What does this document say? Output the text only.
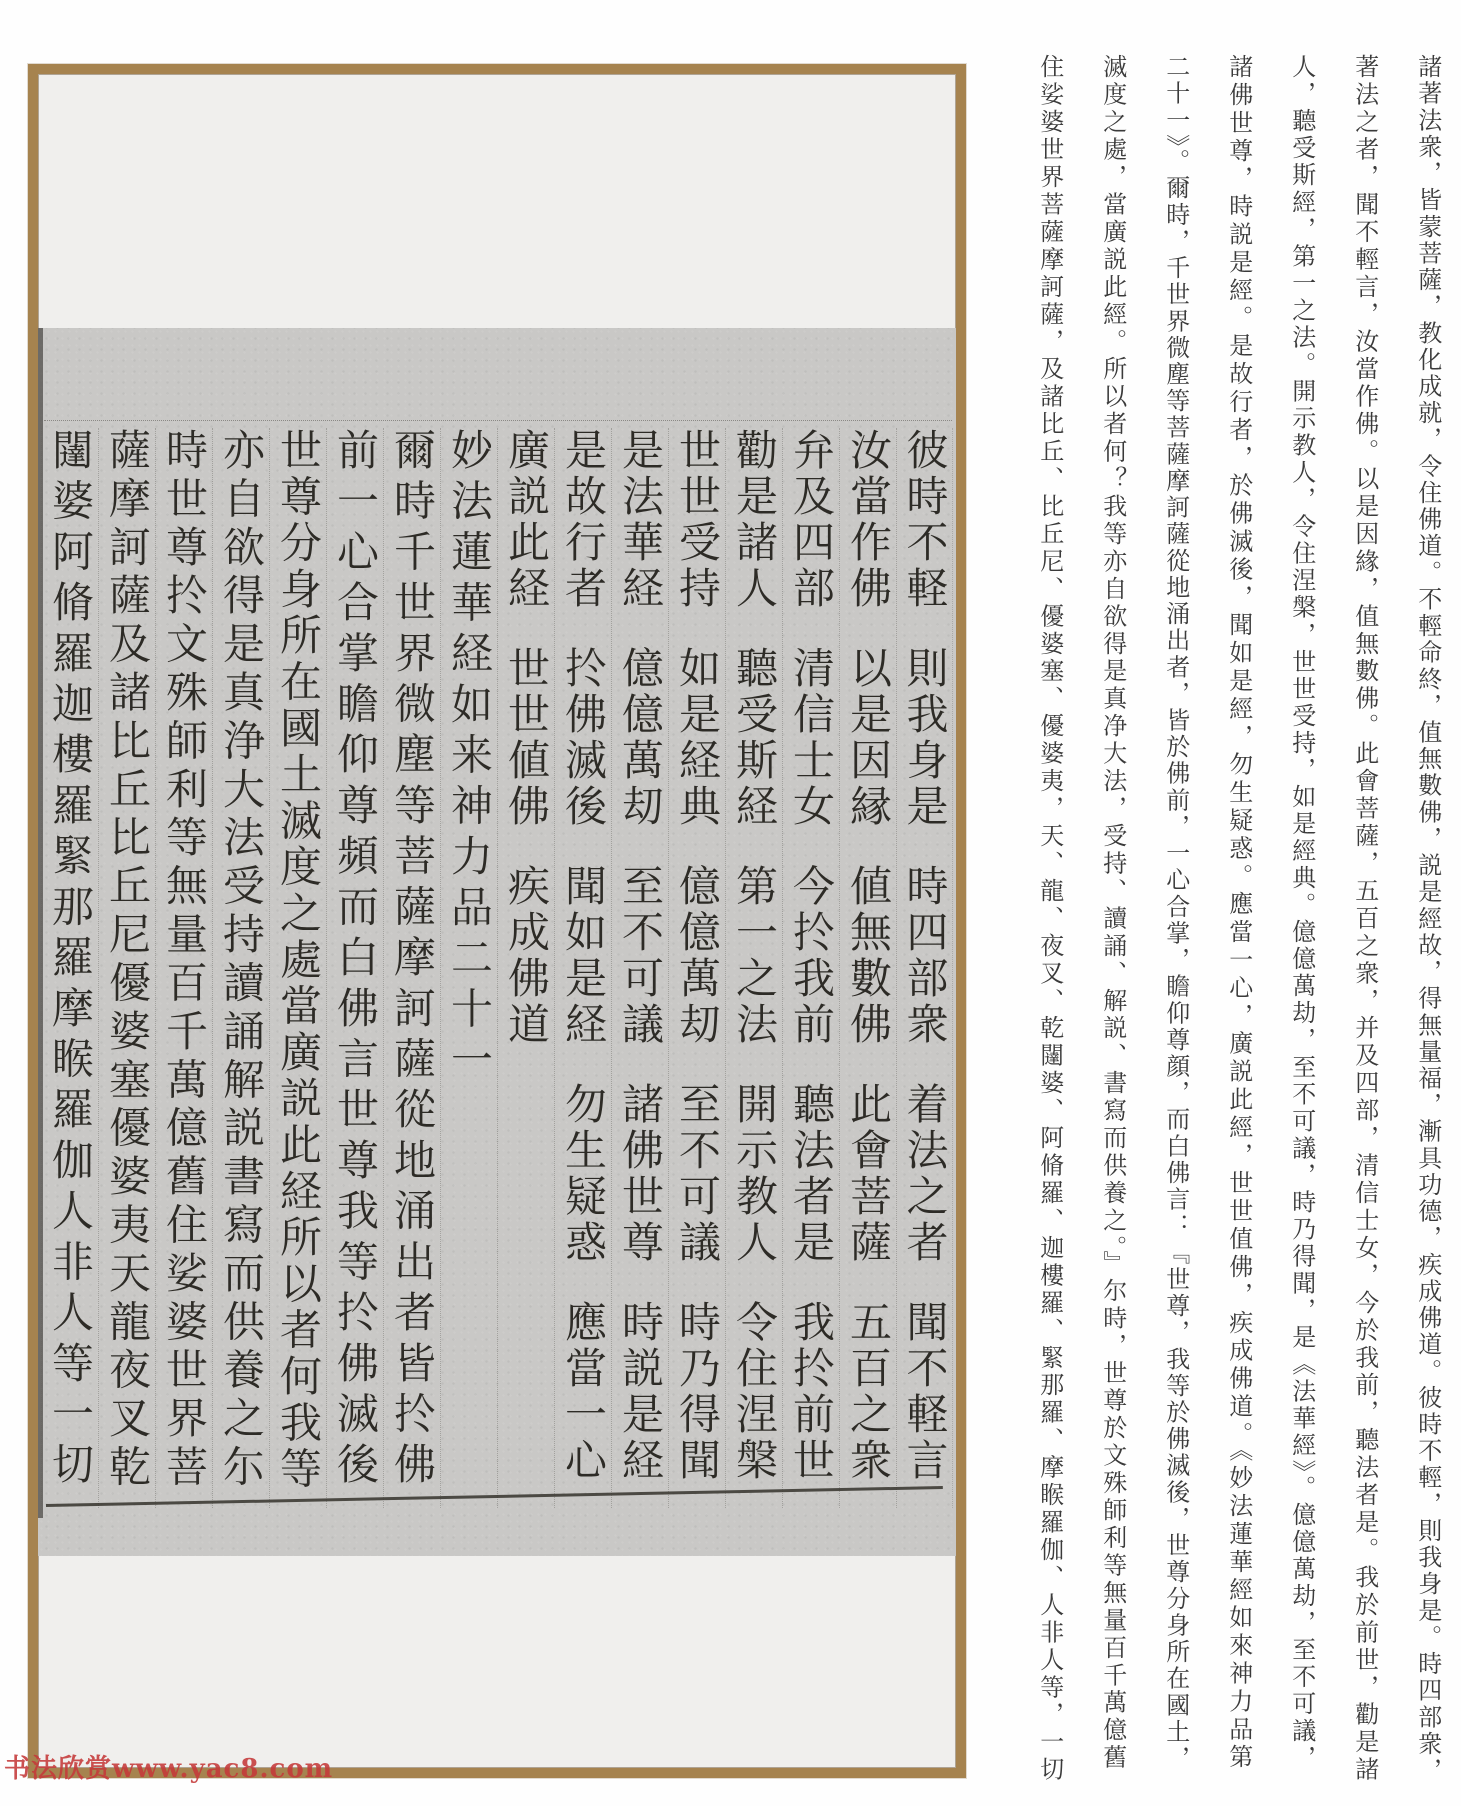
彼時不軽則我身是時四部衆着法之者聞不軽言
汝當作佛以是因縁値無數佛此會菩薩五百之衆
弁及四部清信士女今扵我前聽法者是我扵前世
勸是諸人聽受斯経第一之法開示教人令住涅槃
世世受持如是経典億億萬刧至不可議時乃得聞
是法華経億億萬刧至不可議諸佛世尊時説是経
是故行者扵佛滅後聞如是経勿生疑惑應當一心
廣説此経世世値佛疾成佛道
妙法蓮華経如来神力品二十一
爾時千世界微塵等菩薩摩訶薩從地涌出者皆扵佛
前一心合掌瞻仰尊頻而白佛言世尊我等扵佛滅後
世尊分身所在國土滅度之處當廣説此経所以者何我等
亦自欲得是真浄大法受持讀誦解説書寫而供養之尓
時世尊扵文殊師利等無量百千萬億舊住娑婆世界菩
薩摩訶薩及諸比丘比丘尼優婆塞優婆夷天龍夜叉乾
闥婆阿脩羅迦樓羅緊那羅摩睺羅伽人非人等一切	諸著法衆，皆蒙菩薩，教化成就，令住佛道。不輕命終，值無數佛，説是經故，得無量福，漸具功德，疾成佛道。彼時不輕，則我身是。時四部衆，
著法之者，聞不輕言，汝當作佛。以是因緣，值無數佛。此會菩薩，五百之衆，并及四部，清信士女，今於我前，聽法者是。我於前世，勸是諸
人，聽受斯經，第一之法。開示教人，令住涅槃，世世受持，如是經典。億億萬劫，至不可議，時乃得聞，是《法華經》。億億萬劫，至不可議，
諸佛世尊，時説是經。是故行者，於佛滅後，聞如是經，勿生疑惑。應當一心，廣説此經，世世值佛，疾成佛道。《妙法蓮華經如來神力品第
二十一》。爾時，千世界微塵等菩薩摩訶薩從地涌出者，皆於佛前，一心合掌，瞻仰尊顔，而白佛言：『世尊，我等於佛滅後，世尊分身所在國土，
滅度之處，當廣説此經。所以者何？我等亦自欲得是真净大法，受持、讀誦、解説、書寫而供養之。』尔時，世尊於文殊師利等無量百千萬億舊
住娑婆世界菩薩摩訶薩，及諸比丘、比丘尼、優婆塞、優婆夷，天、龍、夜叉、乾闥婆、阿脩羅、迦樓羅、緊那羅、摩睺羅伽、人非人等，一切
书法欣赏www.yac8.com
